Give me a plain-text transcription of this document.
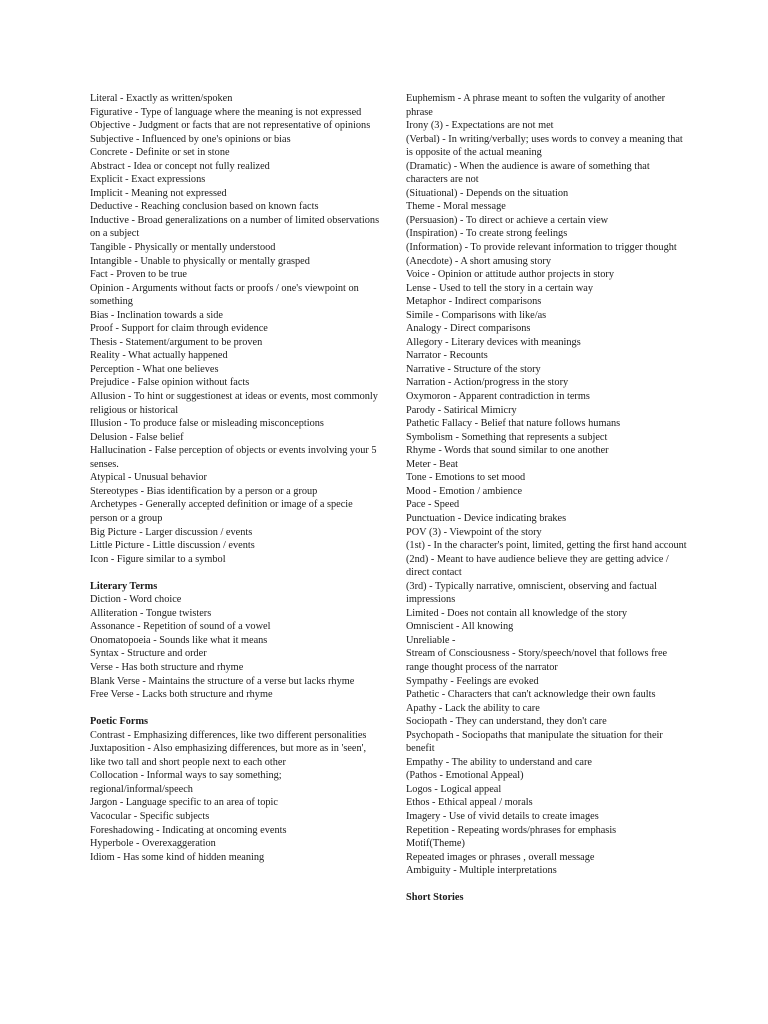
Literal - Exactly as written/spoken
Figurative - Type of language where the meaning is not expressed
Objective - Judgment or facts that are not representative of opinions
Subjective - Influenced by one's opinions or bias
Concrete - Definite or set in stone
Abstract - Idea or concept not fully realized
Explicit - Exact expressions
Implicit - Meaning not expressed
Deductive - Reaching conclusion based on known facts
Inductive - Broad generalizations on a number of limited observations on a subject
Tangible - Physically or mentally understood
Intangible - Unable to physically or mentally grasped
Fact - Proven to be true
Opinion - Arguments without facts or proofs / one's viewpoint on something
Bias - Inclination towards a side
Proof - Support for claim through evidence
Thesis - Statement/argument to be proven
Reality - What actually happened
Perception - What one believes
Prejudice - False opinion without facts
Allusion - To hint or suggestionest at ideas or events, most commonly religious or historical
Illusion - To produce false or misleading misconceptions
Delusion - False belief
Hallucination - False perception of objects or events involving your 5 senses.
Atypical - Unusual behavior
Stereotypes - Bias identification by a person or a group
Archetypes - Generally accepted definition or image of a specie person or a group
Big Picture - Larger discussion / events
Little Picture - Little discussion / events
Icon - Figure similar to a symbol
Literary Terms
Diction - Word choice
Alliteration - Tongue twisters
Assonance - Repetition of sound of a vowel
Onomatopoeia - Sounds like what it means
Syntax - Structure and order
Verse - Has both structure and rhyme
Blank Verse - Maintains the structure of a verse but lacks rhyme
Free Verse - Lacks both structure and rhyme
Poetic Forms
Contrast - Emphasizing differences, like two different personalities
Juxtaposition - Also emphasizing differences, but more as in 'seen', like two tall and short people next to each other
Collocation - Informal ways to say something; regional/informal/speech
Jargon - Language specific to an area of topic
Vacocular - Specific subjects
Foreshadowing - Indicating at oncoming events
Hyperbole - Overexaggeration
Idiom - Has some kind of hidden meaning
Euphemism - A phrase meant to soften the vulgarity of another phrase
Irony (3) - Expectations are not met
(Verbal) - In writing/verbally; uses words to convey a meaning that is opposite of the actual meaning
(Dramatic) - When the audience is aware of something that characters are not
(Situational) - Depends on the situation
Theme - Moral message
(Persuasion) - To direct or achieve a certain view
(Inspiration) - To create strong feelings
(Information) - To provide relevant information to trigger thought
(Anecdote) - A short amusing story
Voice - Opinion or attitude author projects in story
Lense - Used to tell the story in a certain way
Metaphor - Indirect comparisons
Simile - Comparisons with like/as
Analogy - Direct comparisons
Allegory - Literary devices with meanings
Narrator - Recounts
Narrative - Structure of the story
Narration - Action/progress in the story
Oxymoron - Apparent contradiction in terms
Parody - Satirical Mimicry
Pathetic Fallacy - Belief that nature follows humans
Symbolism - Something that represents a subject
Rhyme - Words that sound similar to one another
Meter - Beat
Tone - Emotions to set mood
Mood - Emotion / ambience
Pace - Speed
Punctuation - Device indicating brakes
POV (3) - Viewpoint of the story
(1st) - In the character's point, limited, getting the first hand account
(2nd) - Meant to have audience believe they are getting advice / direct contact
(3rd) - Typically narrative, omniscient, observing and factual impressions
Limited - Does not contain all knowledge of the story
Omniscient - All knowing
Unreliable -
Stream of Consciousness - Story/speech/novel that follows free range thought process of the narrator
Sympathy - Feelings are evoked
Pathetic - Characters that can't acknowledge their own faults
Apathy - Lack the ability to care
Sociopath - They can understand, they don't care
Psychopath - Sociopaths that manipulate the situation for their benefit
Empathy - The ability to understand and care
(Pathos - Emotional Appeal)
Logos - Logical appeal
Ethos - Ethical appeal / morals
Imagery - Use of vivid details to create images
Repetition - Repeating words/phrases for emphasis
Motif(Theme)
Repeated images or phrases , overall message
Ambiguity - Multiple interpretations
Short Stories
